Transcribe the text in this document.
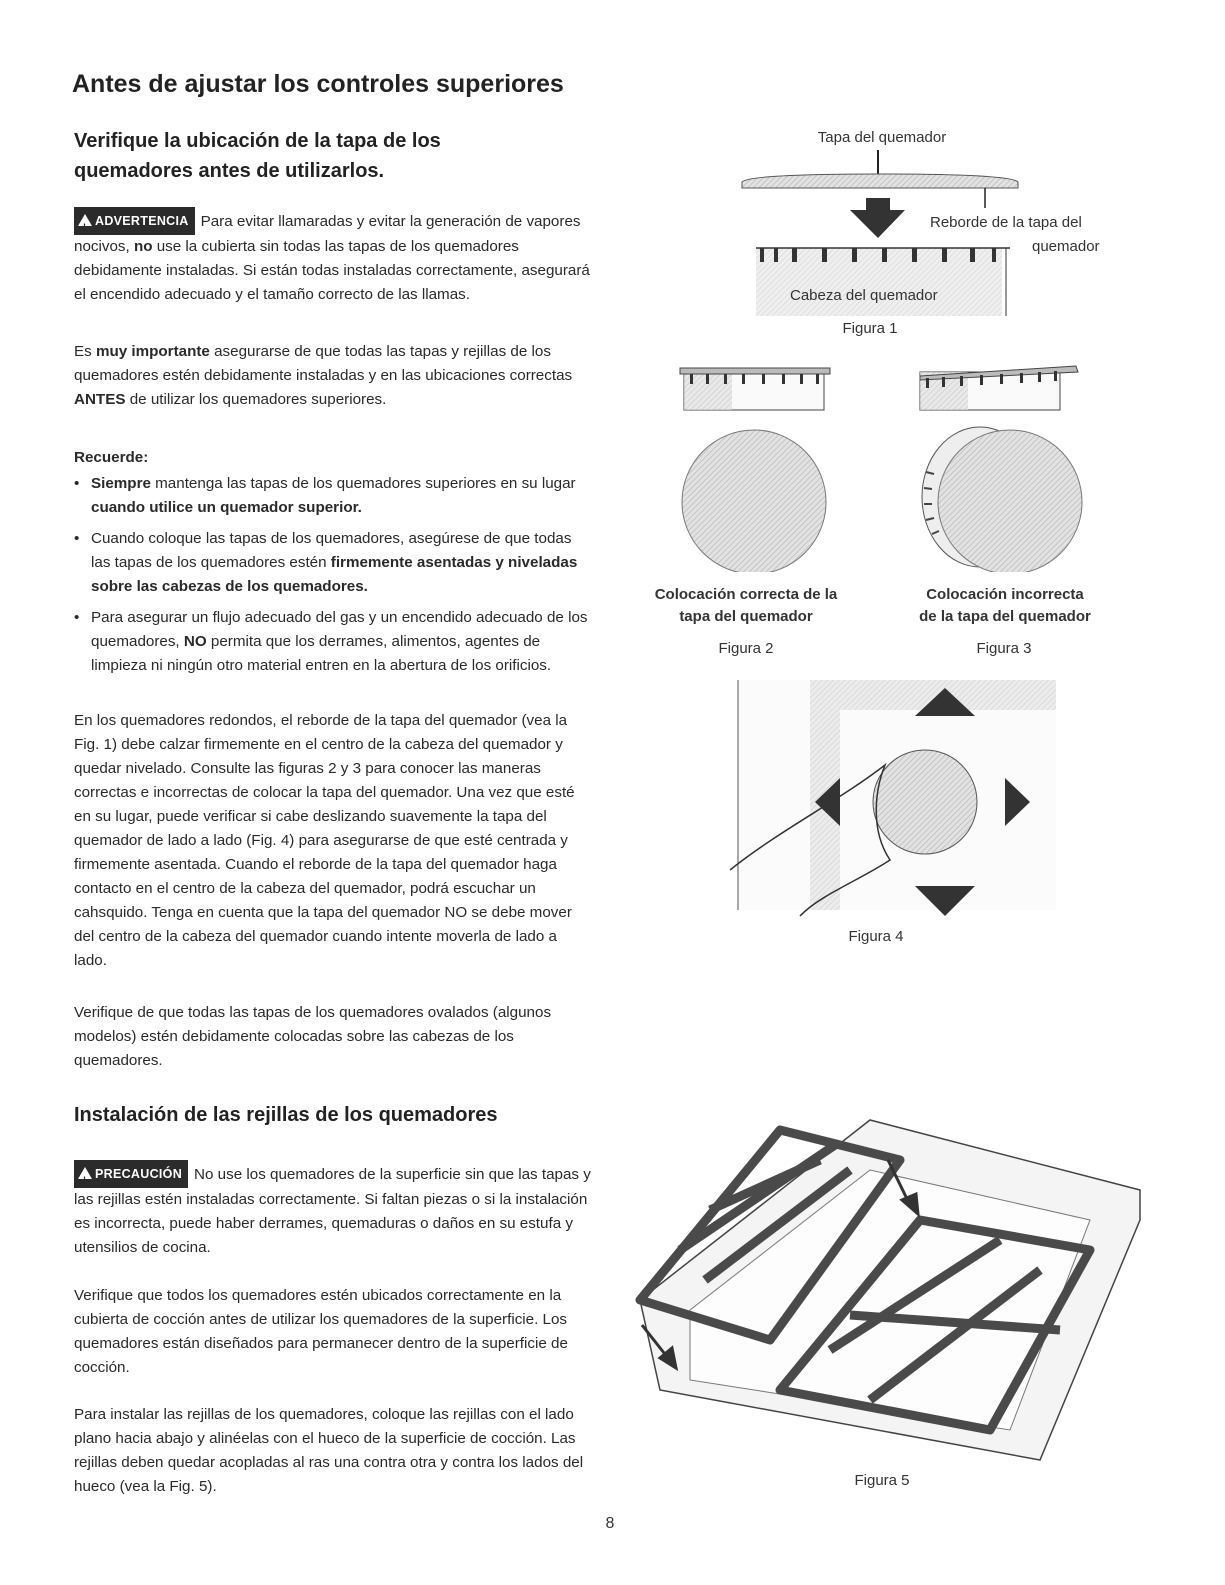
Antes de ajustar los controles superiores
Verifique la ubicación de la tapa de los
quemadores antes de utilizarlos.

!ADVERTENCIA Para evitar llamaradas y evitar la generación de vapores nocivos, no use la cubierta sin todas las tapas de los quemadores debidamente instaladas. Si están todas instaladas correctamente, asegurará el encendido adecuado y el tamaño correcto de las llamas.

Es muy importante asegurarse de que todas las tapas y rejillas de los quemadores estén debidamente instaladas y en las ubicaciones correctas ANTES de utilizar los quemadores superiores.

Recuerde:
• Siempre mantenga las tapas de los quemadores superiores en su lugar cuando utilice un quemador superior.
• Cuando coloque las tapas de los quemadores, asegúrese de que todas las tapas de los quemadores estén firmemente asentadas y niveladas sobre las cabezas de los quemadores.
• Para asegurar un flujo adecuado del gas y un encendido adecuado de los quemadores, NO permita que los derrames, alimentos, agentes de limpieza ni ningún otro material entren en la abertura de los orificios.

En los quemadores redondos, el reborde de la tapa del quemador (vea la Fig. 1) debe calzar firmemente en el centro de la cabeza del quemador y quedar nivelado. Consulte las figuras 2 y 3 para conocer las maneras correctas e incorrectas de colocar la tapa del quemador. Una vez que esté en su lugar, puede verificar si cabe deslizando suavemente la tapa del quemador de lado a lado (Fig. 4) para asegurarse de que esté centrada y firmemente asentada. Cuando el reborde de la tapa del quemador haga contacto en el centro de la cabeza del quemador, podrá escuchar un cahsquido. Tenga en cuenta que la tapa del quemador NO se debe mover del centro de la cabeza del quemador cuando intente moverla de lado a lado.

Verifique de que todas las tapas de los quemadores ovalados (algunos modelos) estén debidamente colocadas sobre las cabezas de los quemadores.

Instalación de las rejillas de los quemadores

!PRECAUCIÓN No use los quemadores de la superficie sin que las tapas y las rejillas estén instaladas correctamente. Si faltan piezas o si la instalación es incorrecta, puede haber derrames, quemaduras o daños en su estufa y utensilios de cocina.

Verifique que todos los quemadores estén ubicados correctamente en la cubierta de cocción antes de utilizar los quemadores de la superficie. Los quemadores están diseñados para permanecer dentro de la superficie de cocción.

Para instalar las rejillas de los quemadores, coloque las rejillas con el lado plano hacia abajo y alinéelas con el hueco de la superficie de cocción. Las rejillas deben quedar acopladas al ras una contra otra y contra los lados del hueco (vea la Fig. 5).

Tapa del quemador
Reborde de la tapa del
quemador
Cabeza del quemador
Figura 1
Colocación correcta de la
tapa del quemador
Figura 2
Colocación incorrecta
de la tapa del quemador
Figura 3
Figura 4
Figura 5
8
